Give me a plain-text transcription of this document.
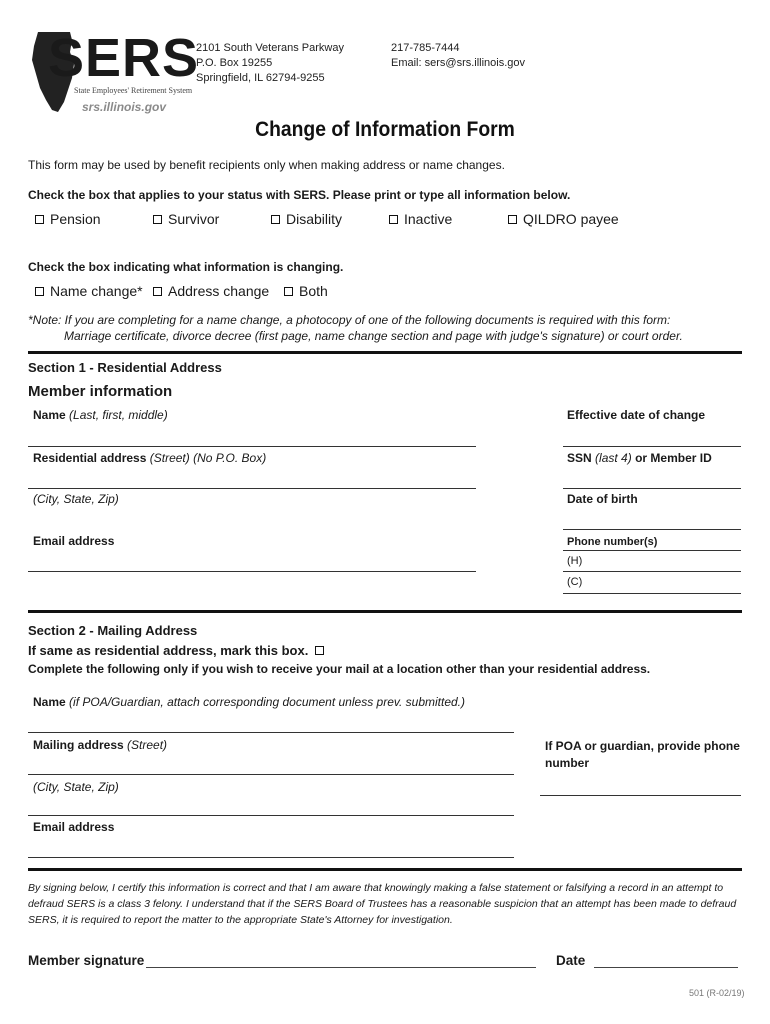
SERS
State Employees' Retirement System
srs.illinois.gov
2101 South Veterans Parkway
P.O. Box 19255
Springfield, IL 62794-9255
217-785-7444
Email: sers@srs.illinois.gov
Change of Information Form
This form may be used by benefit recipients only when making address or name changes.
Check the box that applies to your status with SERS. Please print or type all information below.
Pension	Survivor	Disability	Inactive	QILDRO payee
Check the box indicating what information is changing.
Name change* Address change Both
*Note: If you are completing for a name change, a photocopy of one of the following documents is required with this form:
Marriage certificate, divorce decree (first page, name change section and page with judge's signature) or court order.
Section 1 - Residential Address
Member information
Name (Last, first, middle)	Effective date of change
Residential address (Street) (No P.O. Box)	SSN (last 4) or Member ID
(City, State, Zip)	Date of birth
Email address	Phone number(s)
(H)
(C)
Section 2 - Mailing Address
If same as residential address, mark this box.
Complete the following only if you wish to receive your mail at a location other than your residential address.
Name (if POA/Guardian, attach corresponding document unless prev. submitted.)
Mailing address (Street)	If POA or guardian, provide phone
number
(City, State, Zip)
Email address
By signing below, I certify this information is correct and that I am aware that knowingly making a false statement or falsifying a record in an attempt to
defraud SERS is a class 3 felony. I understand that if the SERS Board of Trustees has a reasonable suspicion that an attempt has been made to defraud
SERS, it is required to report the matter to the appropriate State's Attorney for investigation.
Member signature	Date
501 (R-02/19)
